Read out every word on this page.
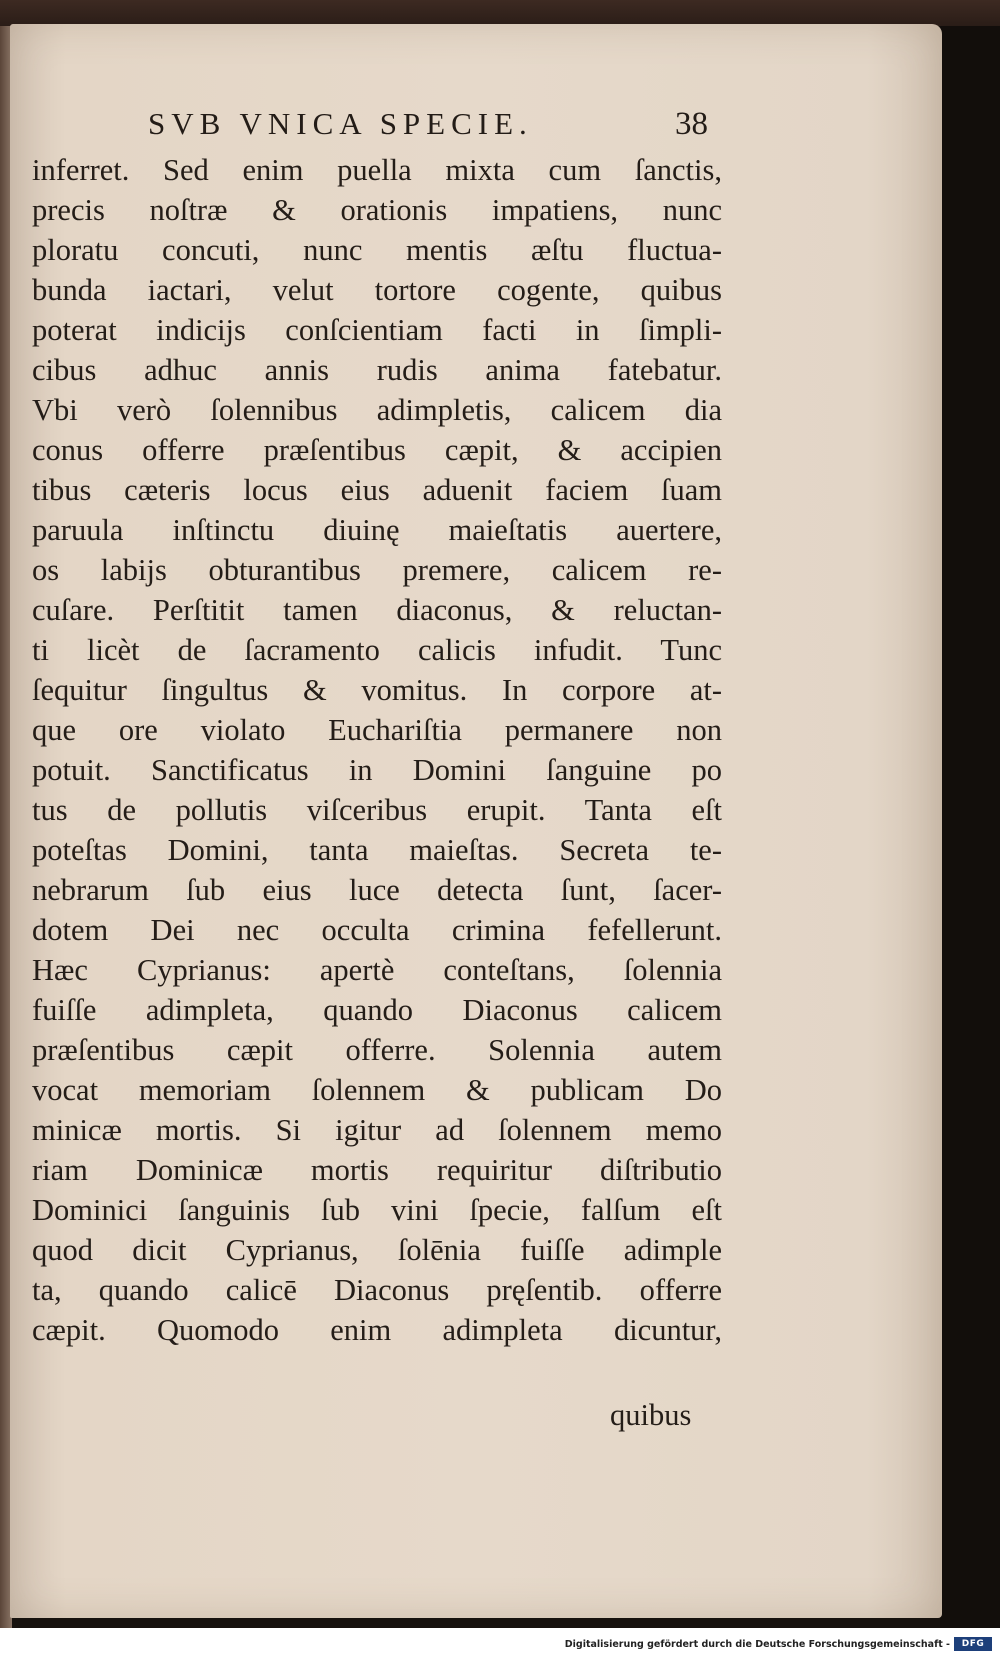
SVB VNICA SPECIE.	38
inferret. Sed enim puella mixta cum ſanctis,
precis noſtræ & orationis impatiens, nunc
ploratu concuti, nunc mentis æſtu fluctua-
bunda iactari, velut tortore cogente, quibus
poterat indicijs conſcientiam facti in ſimpli-
cibus adhuc annis rudis anima fatebatur.
Vbi verò ſolennibus adimpletis, calicem dia
conus offerre præſentibus cæpit, & accipien
tibus cæteris locus eius aduenit faciem ſuam
paruula inſtinctu diuinę maieſtatis auertere,
os labijs obturantibus premere, calicem re-
cuſare. Perſtitit tamen diaconus, & reluctan-
ti licèt de ſacramento calicis infudit. Tunc
ſequitur ſingultus & vomitus. In corpore at-
que ore violato Euchariſtia permanere non
potuit. Sanctificatus in Domini ſanguine po
tus de pollutis viſceribus erupit. Tanta eſt
poteſtas Domini, tanta maieſtas. Secreta te-
nebrarum ſub eius luce detecta ſunt, ſacer-
dotem Dei nec occulta crimina fefellerunt.
Hæc Cyprianus: apertè conteſtans, ſolennia
fuiſſe adimpleta, quando Diaconus calicem
præſentibus cæpit offerre. Solennia autem
vocat memoriam ſolennem & publicam Do
minicæ mortis. Si igitur ad ſolennem memo
riam Dominicæ mortis requiritur diſtributio
Dominici ſanguinis ſub vini ſpecie, falſum eſt
quod dicit Cyprianus, ſolēnia fuiſſe adimple
ta, quando calicē Diaconus pręſentib. offerre
cæpit. Quomodo enim adimpleta dicuntur,
quibus
Digitalisierung gefördert durch die Deutsche Forschungsgemeinschaft -	DFG
